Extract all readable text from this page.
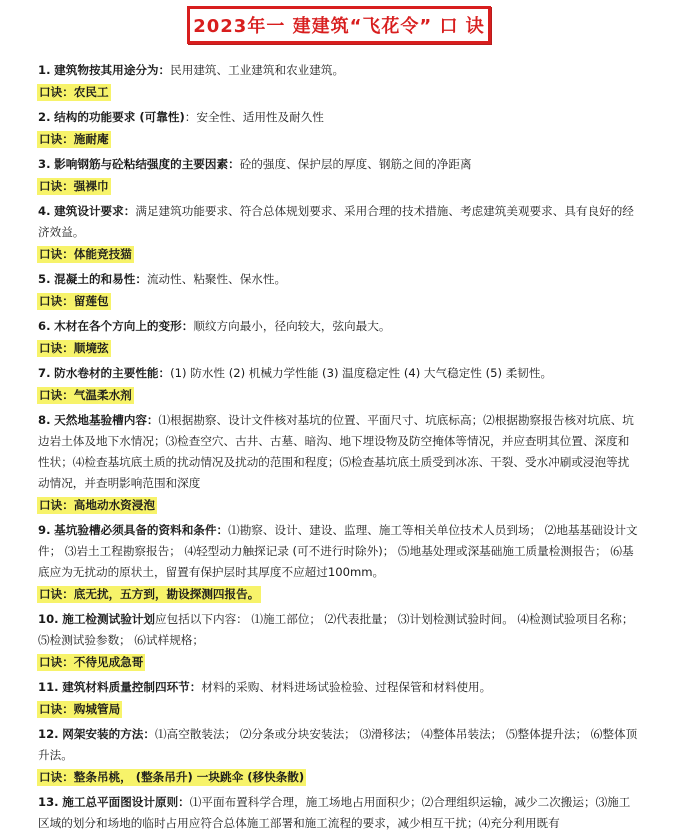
2023年一 建建筑“飞花令” 口 诀

1. 建筑物按其用途分为：民用建筑、工业建筑和农业建筑。

口诀：农民工

2. 结构的功能要求 (可靠性)：安全性、适用性及耐久性

口诀：施耐庵

3. 影响钢筋与砼粘结强度的主要因素：砼的强度、保护层的厚度、钢筋之间的净距离

口诀：强裸巾

4. 建筑设计要求：满足建筑功能要求、符合总体规划要求、采用合理的技术措施、考虑建筑美观要求、具有良好的经济效益。

口诀：体能竞技猫

5. 混凝土的和易性：流动性、粘聚性、保水性。

口诀：留莲包

6. 木材在各个方向上的变形：顺纹方向最小，径向较大，弦向最大。

口诀：顺境弦

7. 防水卷材的主要性能：(1) 防水性 (2) 机械力学性能 (3) 温度稳定性 (4) 大气稳定性 (5) 柔韧性。

口诀：气温柔水剂

8. 天然地基验槽内容：⑴根据勘察、设计文件核对基坑的位置、平面尺寸、坑底标高；⑵根据勘察报告核对坑底、坑边岩土体及地下水情况；⑶检查空穴、古井、古墓、暗沟、地下埋设物及防空掩体等情况，并应查明其位置、深度和性状；⑷检查基坑底土质的扰动情况及扰动的范围和程度；⑸检查基坑底土质受到冰冻、干裂、受水冲刷或浸泡等扰动情况，并查明影响范围和深度

口诀：高地动水资浸泡

9. 基坑验槽必须具备的资料和条件：⑴勘察、设计、建设、监理、施工等相关单位技术人员到场； ⑵地基基础设计文件； ⑶岩土工程勘察报告； ⑷轻型动力触探记录 (可不进行时除外)； ⑸地基处理或深基础施工质量检测报告； ⑹基底应为无扰动的原状土，留置有保护层时其厚度不应超过100mm。

口诀：底无扰，五方到，勘设探测四报告。

10. 施工检测试验计划应包括以下内容： ⑴施工部位； ⑵代表批量； ⑶计划检测试验时间。 ⑷检测试验项目名称； ⑸检测试验参数； ⑹试样规格；

口诀：不待见成急哥

11. 建筑材料质量控制四环节：材料的采购、材料进场试验检验、过程保管和材料使用。

口诀：购城管局

12. 网架安装的方法：⑴高空散装法； ⑵分条或分块安装法； ⑶滑移法； ⑷整体吊装法； ⑸整体提升法； ⑹整体顶升法。

口诀：整条吊桃， (整条吊升) 一块跳伞 (移快条散)

13. 施工总平面图设计原则：⑴平面布置科学合理，施工场地占用面积少；⑵合理组织运输，减少二次搬运；⑶施工区域的划分和场地的临时占用应符合总体施工部署和施工流程的要求，减少相互干扰；⑷充分利用既有
